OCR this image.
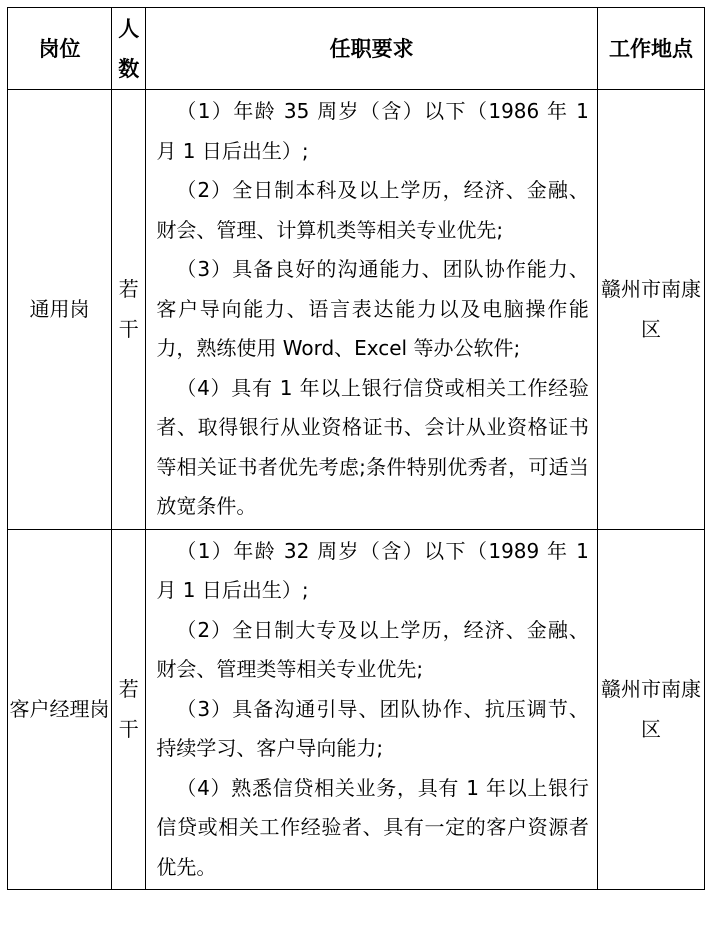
岗位	人数	任职要求	工作地点
通用岗	若干	（1）年龄 35 周岁（含）以下（1986 年 1 月 1 日后出生）;

（2）全日制本科及以上学历，经济、金融、财会、管理、计算机类等相关专业优先;

（3）具备良好的沟通能力、团队协作能力、客户导向能力、语言表达能力以及电脑操作能力，熟练使用 Word、Excel 等办公软件;

（4）具有 1 年以上银行信贷或相关工作经验者、取得银行从业资格证书、会计从业资格证书等相关证书者优先考虑;条件特别优秀者，可适当放宽条件。	赣州市南康区
客户经理岗	若干	（1）年龄 32 周岁（含）以下（1989 年 1 月 1 日后出生）;

（2）全日制大专及以上学历，经济、金融、财会、管理类等相关专业优先;

（3）具备沟通引导、团队协作、抗压调节、持续学习、客户导向能力;

（4）熟悉信贷相关业务，具有 1 年以上银行信贷或相关工作经验者、具有一定的客户资源者优先。	赣州市南康区
